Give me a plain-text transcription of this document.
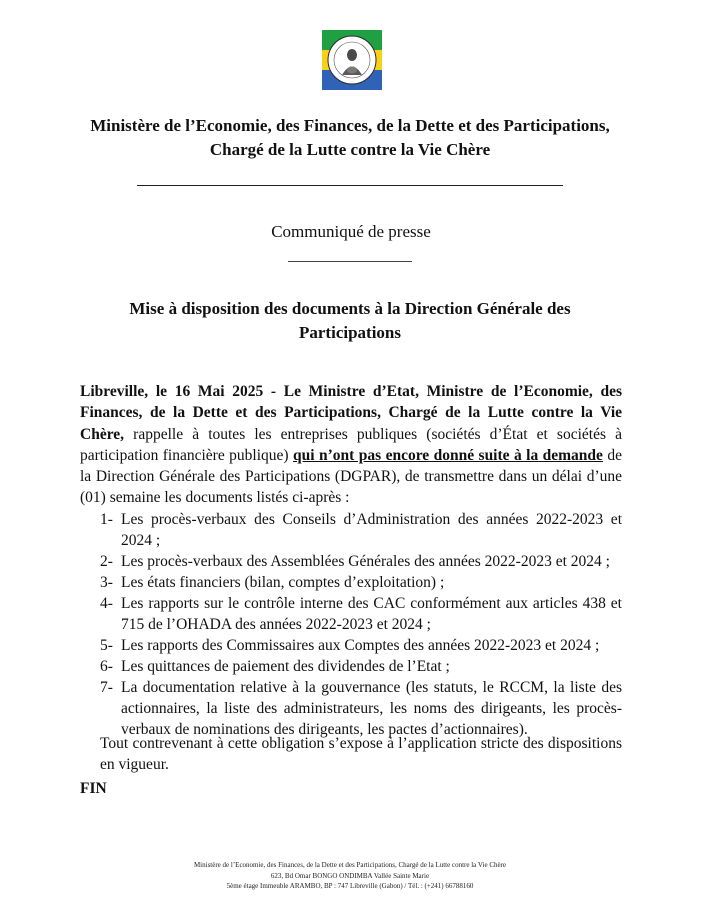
Ministère de l’Economie, des Finances, de la Dette et des Participations, Chargé de la Lutte contre la Vie Chère
Communiqué de presse
Mise à disposition des documents à la Direction Générale des Participations
Libreville, le 16 Mai 2025 - Le Ministre d’Etat, Ministre de l’Economie, des Finances, de la Dette et des Participations, Chargé de la Lutte contre la Vie Chère, rappelle à toutes les entreprises publiques (sociétés d’État et sociétés à participation financière publique) qui n’ont pas encore donné suite à la demande de la Direction Générale des Participations (DGPAR), de transmettre dans un délai d’une (01) semaine les documents listés ci-après :
1- Les procès-verbaux des Conseils d’Administration des années 2022-2023 et 2024 ;
2- Les procès-verbaux des Assemblées Générales des années 2022-2023 et 2024 ;
3- Les états financiers (bilan, comptes d’exploitation) ;
4- Les rapports sur le contrôle interne des CAC conformément aux articles 438 et 715 de l’OHADA des années 2022-2023 et 2024 ;
5- Les rapports des Commissaires aux Comptes des années 2022-2023 et 2024 ;
6- Les quittances de paiement des dividendes de l’Etat ;
7- La documentation relative à la gouvernance (les statuts, le RCCM, la liste des actionnaires, la liste des administrateurs, les noms des dirigeants, les procès-verbaux de nominations des dirigeants, les pactes d’actionnaires).
Tout contrevenant à cette obligation s’expose à l’application stricte des dispositions en vigueur.
FIN
Ministère de l’Economie, des Finances, de la Dette et des Participations, Chargé de la Lutte contre la Vie Chère
623, Bd Omar BONGO ONDIMBA Vallée Sainte Marie
5ème étage Immeuble ARAMBO, BP : 747 Libreville (Gabon) / Tél. : (+241) 66788160
